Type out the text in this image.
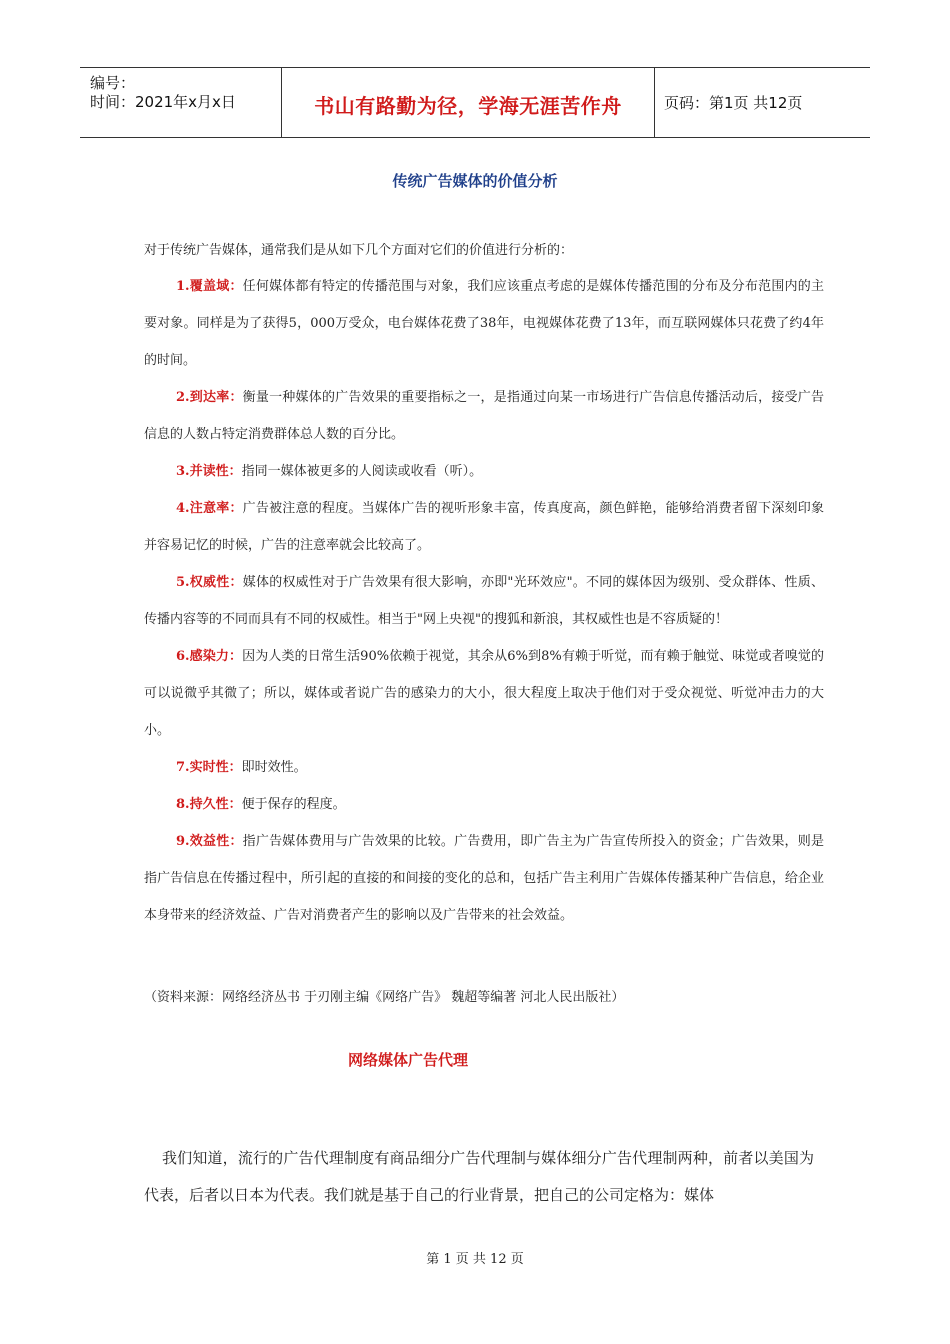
编号：
时间：2021年x月x日	书山有路勤为径，学海无涯苦作舟	页码：第1页 共12页
传统广告媒体的价值分析
对于传统广告媒体，通常我们是从如下几个方面对它们的价值进行分析的：

1.覆盖域：任何媒体都有特定的传播范围与对象，我们应该重点考虑的是媒体传播范围的分布及分布范围内的主要对象。同样是为了获得5，000万受众，电台媒体花费了38年，电视媒体花费了13年，而互联网媒体只花费了约4年的时间。

2.到达率：衡量一种媒体的广告效果的重要指标之一，是指通过向某一市场进行广告信息传播活动后，接受广告信息的人数占特定消费群体总人数的百分比。

3.并读性：指同一媒体被更多的人阅读或收看（听）。

4.注意率：广告被注意的程度。当媒体广告的视听形象丰富，传真度高，颜色鲜艳，能够给消费者留下深刻印象并容易记忆的时候，广告的注意率就会比较高了。

5.权威性：媒体的权威性对于广告效果有很大影响，亦即"光环效应"。不同的媒体因为级别、受众群体、性质、传播内容等的不同而具有不同的权威性。相当于"网上央视"的搜狐和新浪，其权威性也是不容质疑的！

6.感染力：因为人类的日常生活90%依赖于视觉，其余从6%到8%有赖于听觉，而有赖于触觉、味觉或者嗅觉的可以说微乎其微了；所以，媒体或者说广告的感染力的大小，很大程度上取决于他们对于受众视觉、听觉冲击力的大小。

7.实时性：即时效性。

8.持久性：便于保存的程度。

9.效益性：指广告媒体费用与广告效果的比较。广告费用，即广告主为广告宣传所投入的资金；广告效果，则是指广告信息在传播过程中，所引起的直接的和间接的变化的总和，包括广告主利用广告媒体传播某种广告信息，给企业本身带来的经济效益、广告对消费者产生的影响以及广告带来的社会效益。

（资料来源：网络经济丛书 于刃刚主编《网络广告》 魏超等编著 河北人民出版社）
网络媒体广告代理

我们知道，流行的广告代理制度有商品细分广告代理制与媒体细分广告代理制两种，前者以美国为代表，后者以日本为代表。我们就是基于自己的行业背景，把自己的公司定格为：媒体

第 1 页 共 12 页
